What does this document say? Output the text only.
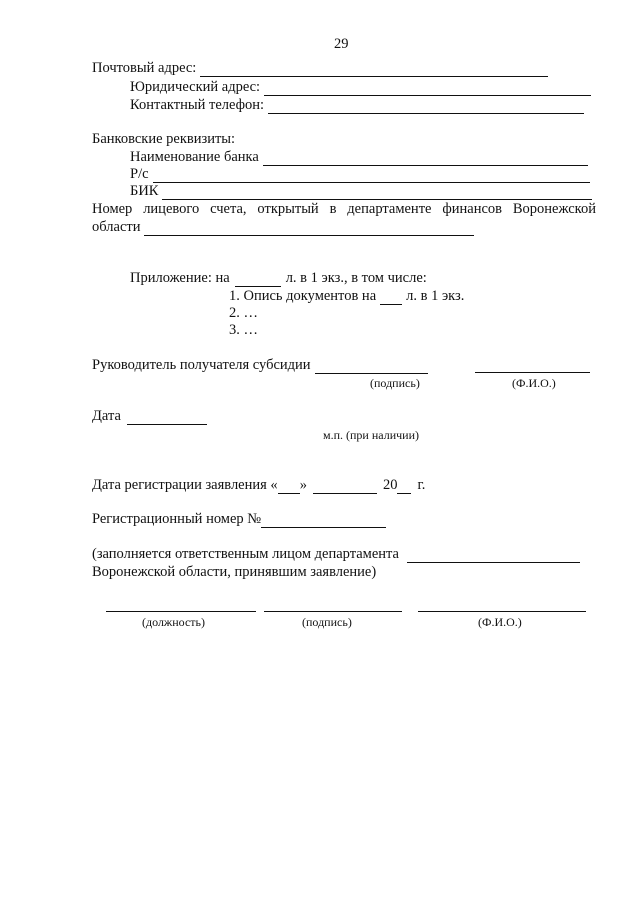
29
Почтовый адрес:
Юридический адрес:
Контактный телефон:
Банковские реквизиты:
Наименование банка
Р/с
БИК
Номер лицевого счета, открытый в департаменте финансов Воронежской
области
Приложение: на	л. в 1 экз., в том числе:
1. Опись документов на л. в 1 экз.
2. …
3. …
Руководитель получателя субсидии
(подпись)	(Ф.И.О.)
Дата
м.п. (при наличии)
Дата регистрации заявления « »	20 г.
Регистрационный номер №
(заполняется ответственным лицом департамента
Воронежской области, принявшим заявление)
(должность)	(подпись)	(Ф.И.О.)
